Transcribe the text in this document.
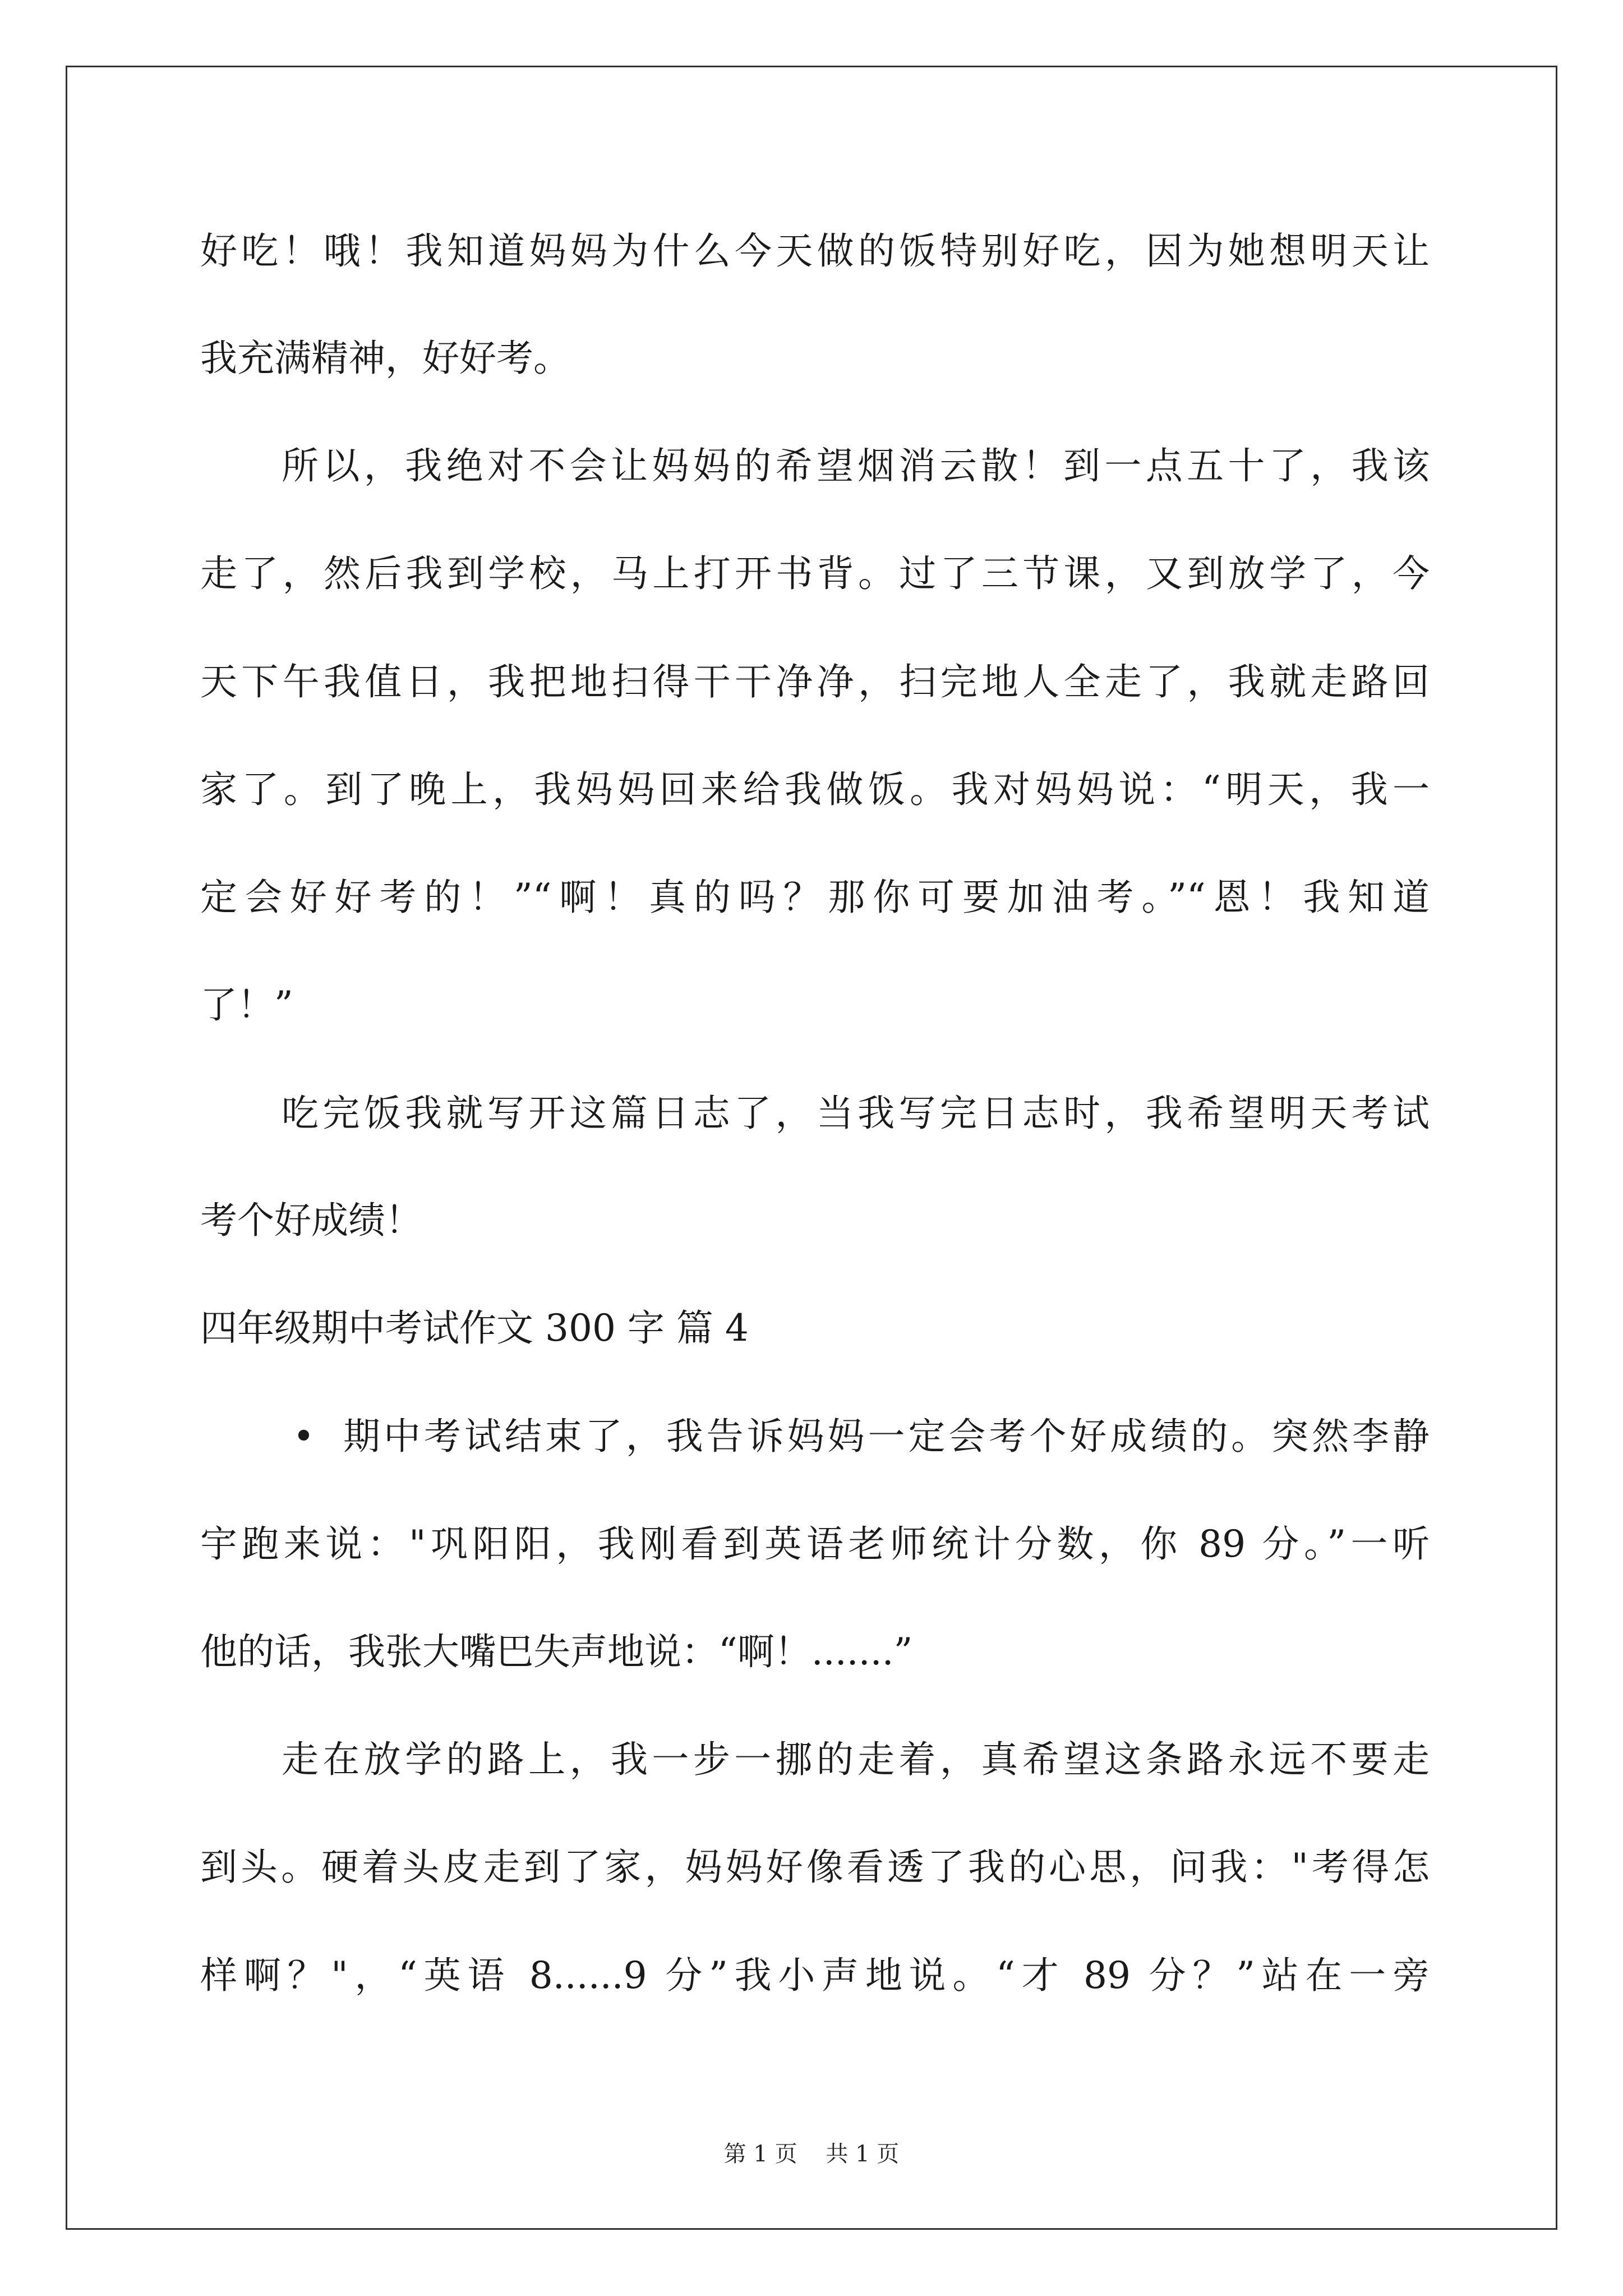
好吃！哦！我知道妈妈为什么今天做的饭特别好吃，因为她想明天让
我充满精神，好好考。
所以，我绝对不会让妈妈的希望烟消云散！到一点五十了，我该
走了，然后我到学校，马上打开书背。过了三节课，又到放学了，今
天下午我值日，我把地扫得干干净净，扫完地人全走了，我就走路回
家了。到了晚上，我妈妈回来给我做饭。我对妈妈说：“明天，我一
定会好好考的！”“啊！真的吗？那你可要加油考。”“恩！我知道
了！”
吃完饭我就写开这篇日志了，当我写完日志时，我希望明天考试
考个好成绩！
四年级期中考试作文 300 字 篇 4
• 期中考试结束了，我告诉妈妈一定会考个好成绩的。突然李静
宇跑来说："巩阳阳，我刚看到英语老师统计分数，你 89 分。”一听
他的话，我张大嘴巴失声地说：“啊！.......”
走在放学的路上，我一步一挪的走着，真希望这条路永远不要走
到头。硬着头皮走到了家，妈妈好像看透了我的心思，问我："考得怎
样啊？"，“英语 8......9 分”我小声地说。“才 89 分？”站在一旁
第 1 页    共 1 页
